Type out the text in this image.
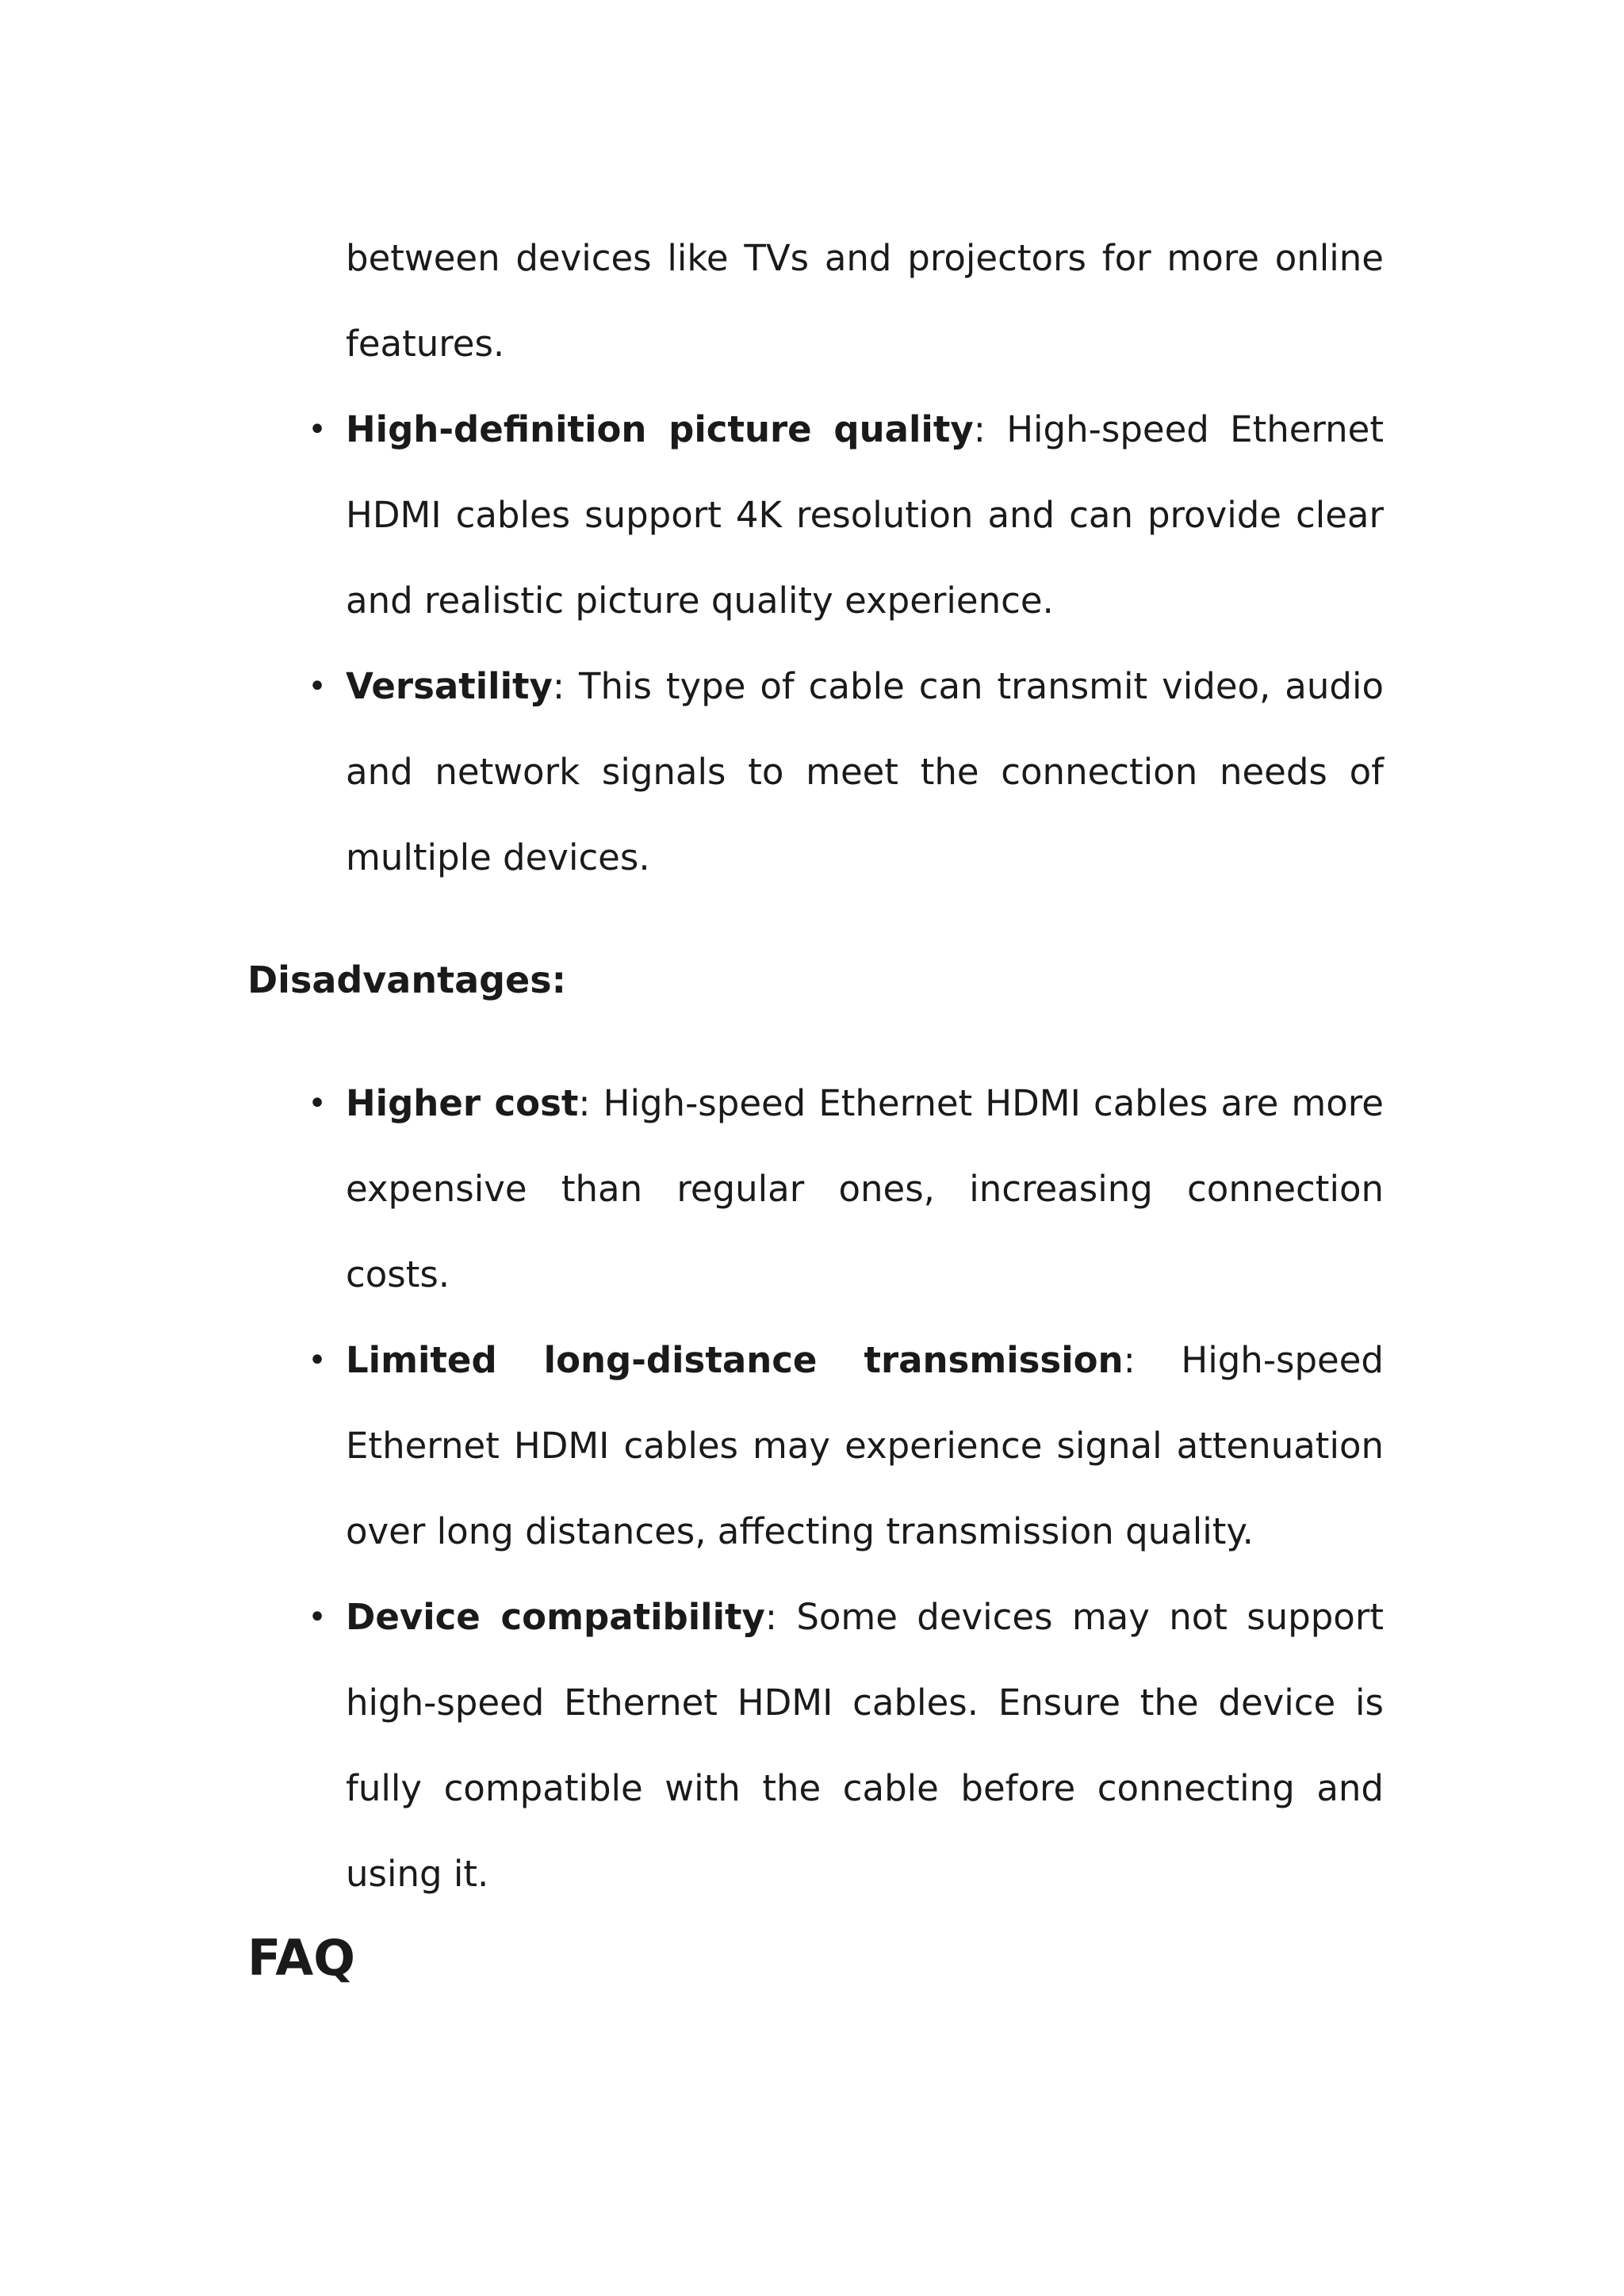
between devices like TVs and projectors for more online features.
• High-definition picture quality: High-speed Ethernet HDMI cables support 4K resolution and can provide clear and realistic picture quality experience.
• Versatility: This type of cable can transmit video, audio and network signals to meet the connection needs of multiple devices.
Disadvantages:
• Higher cost: High-speed Ethernet HDMI cables are more expensive than regular ones, increasing connection costs.
• Limited long-distance transmission: High-speed Ethernet HDMI cables may experience signal attenuation over long distances, affecting transmission quality.
• Device compatibility: Some devices may not support high-speed Ethernet HDMI cables. Ensure the device is fully compatible with the cable before connecting and using it.
FAQ
